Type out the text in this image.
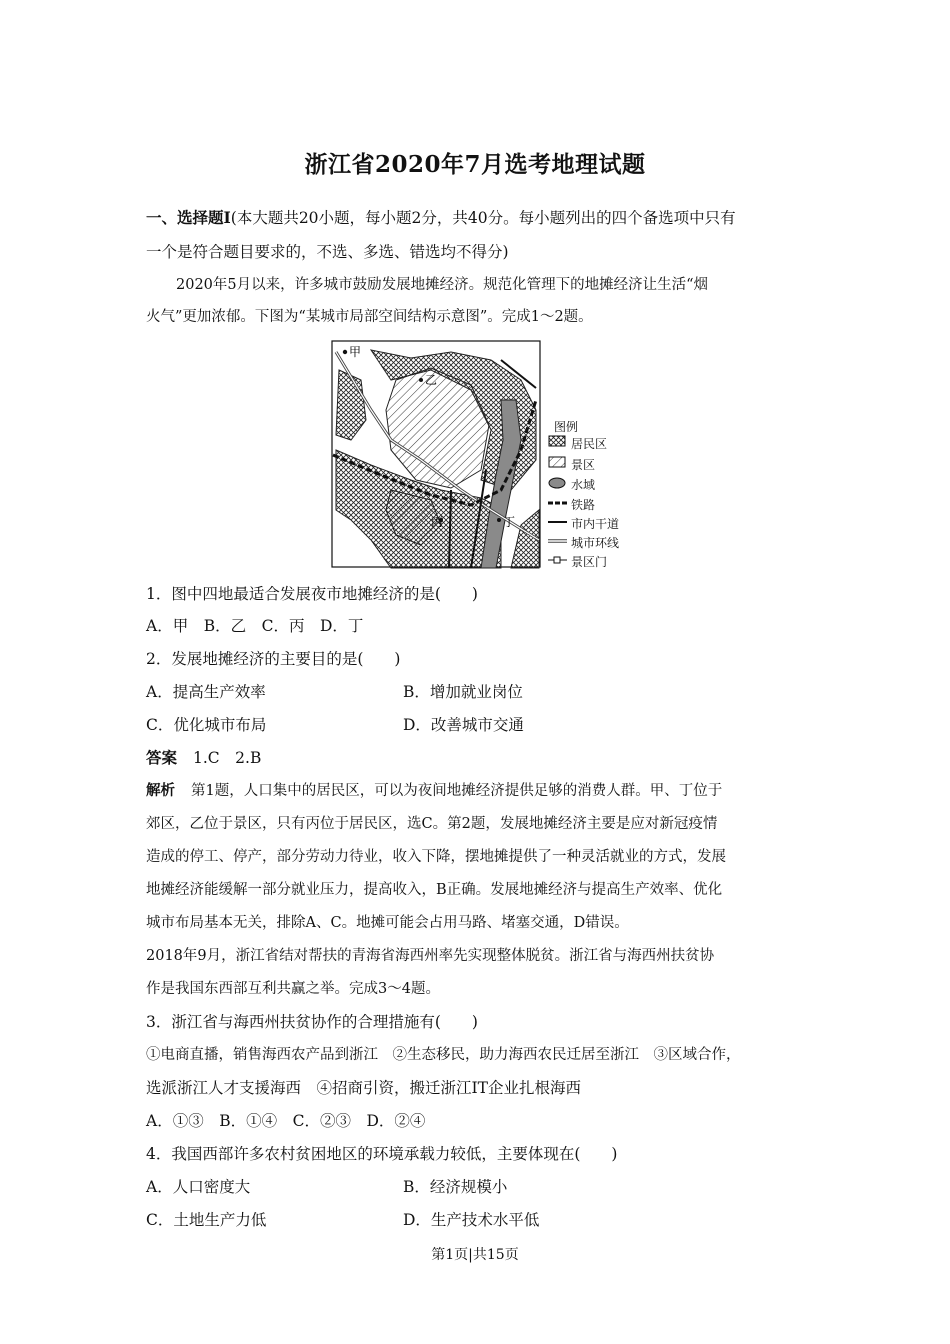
浙江省2020年7月选考地理试题
一、选择题Ⅰ(本大题共20小题，每小题2分，共40分。每小题列出的四个备选项中只有
一个是符合题目要求的，不选、多选、错选均不得分)
2020年5月以来，许多城市鼓励发展地摊经济。规范化管理下的地摊经济让生活“烟
火气”更加浓郁。下图为“某城市局部空间结构示意图”。完成1～2题。
甲
乙
丙	丁
图例
居民区
景区
水域
铁路
市内干道
城市环线
景区门
1．图中四地最适合发展夜市地摊经济的是(　　)
A．甲　B．乙　C．丙　D．丁
2．发展地摊经济的主要目的是(　　)
A．提高生产效率	B．增加就业岗位
C．优化城市布局	D．改善城市交通
答案 1.C　2.B
解析 第1题，人口集中的居民区，可以为夜间地摊经济提供足够的消费人群。甲、丁位于
郊区，乙位于景区，只有丙位于居民区，选C。第2题，发展地摊经济主要是应对新冠疫情
造成的停工、停产，部分劳动力待业，收入下降，摆地摊提供了一种灵活就业的方式，发展
地摊经济能缓解一部分就业压力，提高收入，B正确。发展地摊经济与提高生产效率、优化
城市布局基本无关，排除A、C。地摊可能会占用马路、堵塞交通，D错误。
2018年9月，浙江省结对帮扶的青海省海西州率先实现整体脱贫。浙江省与海西州扶贫协
作是我国东西部互利共赢之举。完成3～4题。
3．浙江省与海西州扶贫协作的合理措施有(　　)
①电商直播，销售海西农产品到浙江　②生态移民，助力海西农民迁居至浙江　③区域合作，
选派浙江人才支援海西　④招商引资，搬迁浙江IT企业扎根海西
A．①③　B．①④　C．②③　D．②④
4．我国西部许多农村贫困地区的环境承载力较低，主要体现在(　　)
A．人口密度大	B．经济规模小
C．土地生产力低	D．生产技术水平低
第1页|共15页
